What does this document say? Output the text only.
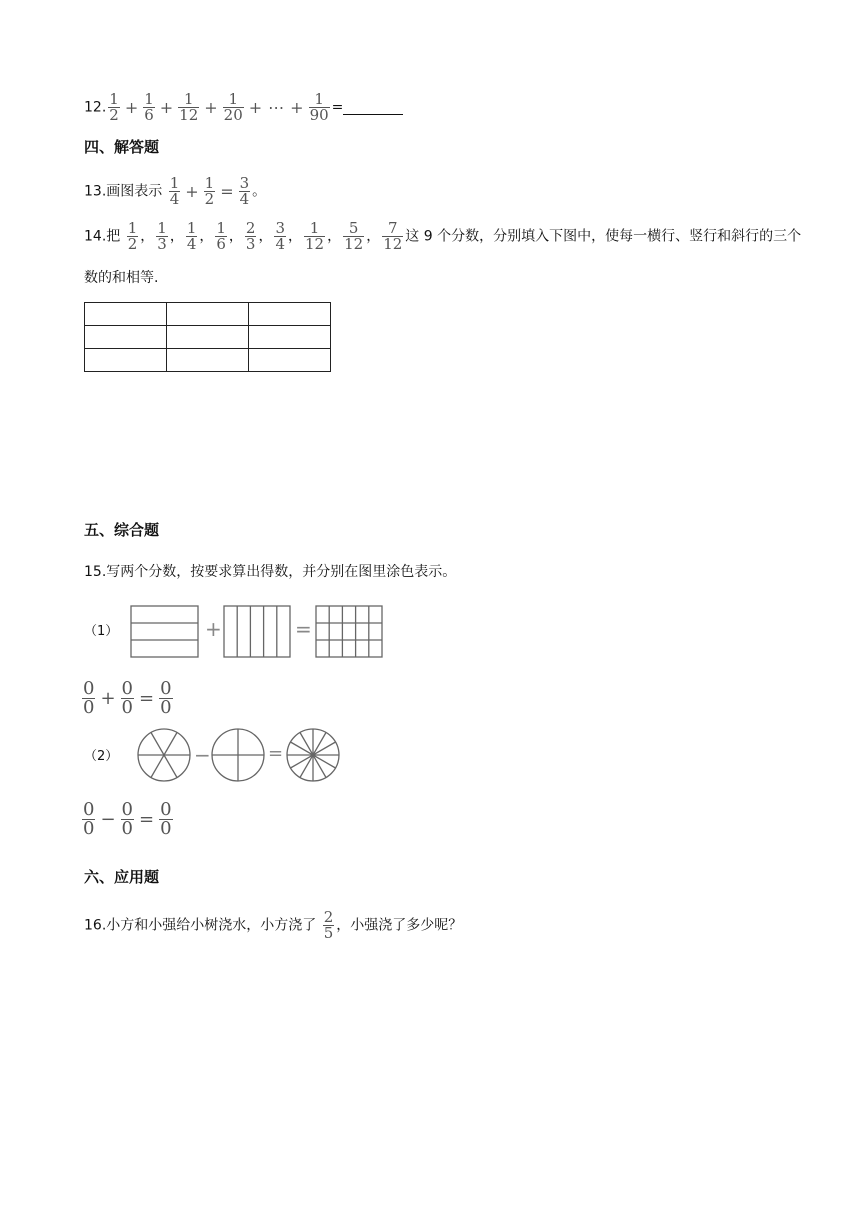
12. $\frac{1}{2} + \frac{1}{6} + \frac{1}{12} + \frac{1}{20}$ + ⋯ + $\frac{1}{90}$ =
四、解答题
13.画图表示 $\frac{1}{4} + \frac{1}{2} = \frac{3}{4}$ 。
14.把 $\frac{1}{2}$ ， $\frac{1}{3}$ ， $\frac{1}{4}$ ， $\frac{1}{6}$ ， $\frac{2}{3}$ ， $\frac{3}{4}$ ， $\frac{1}{12}$ ， $\frac{5}{12}$ ， $\frac{7}{12}$ 这 9 个分数，分别填入下图中，使每一横行、竖行和斜行的三个
数的和相等.

五、综合题
15.写两个分数，按要求算出得数，并分别在图里涂色表示。
（1）	+	=
$\frac{0}{0} + \frac{0}{0} = \frac{0}{0}$
（2）	−	=
$\frac{0}{0} - \frac{0}{0} = \frac{0}{0}$
六、应用题
16.小方和小强给小树浇水，小方浇了 $\frac{2}{5}$ ，小强浇了多少呢？
